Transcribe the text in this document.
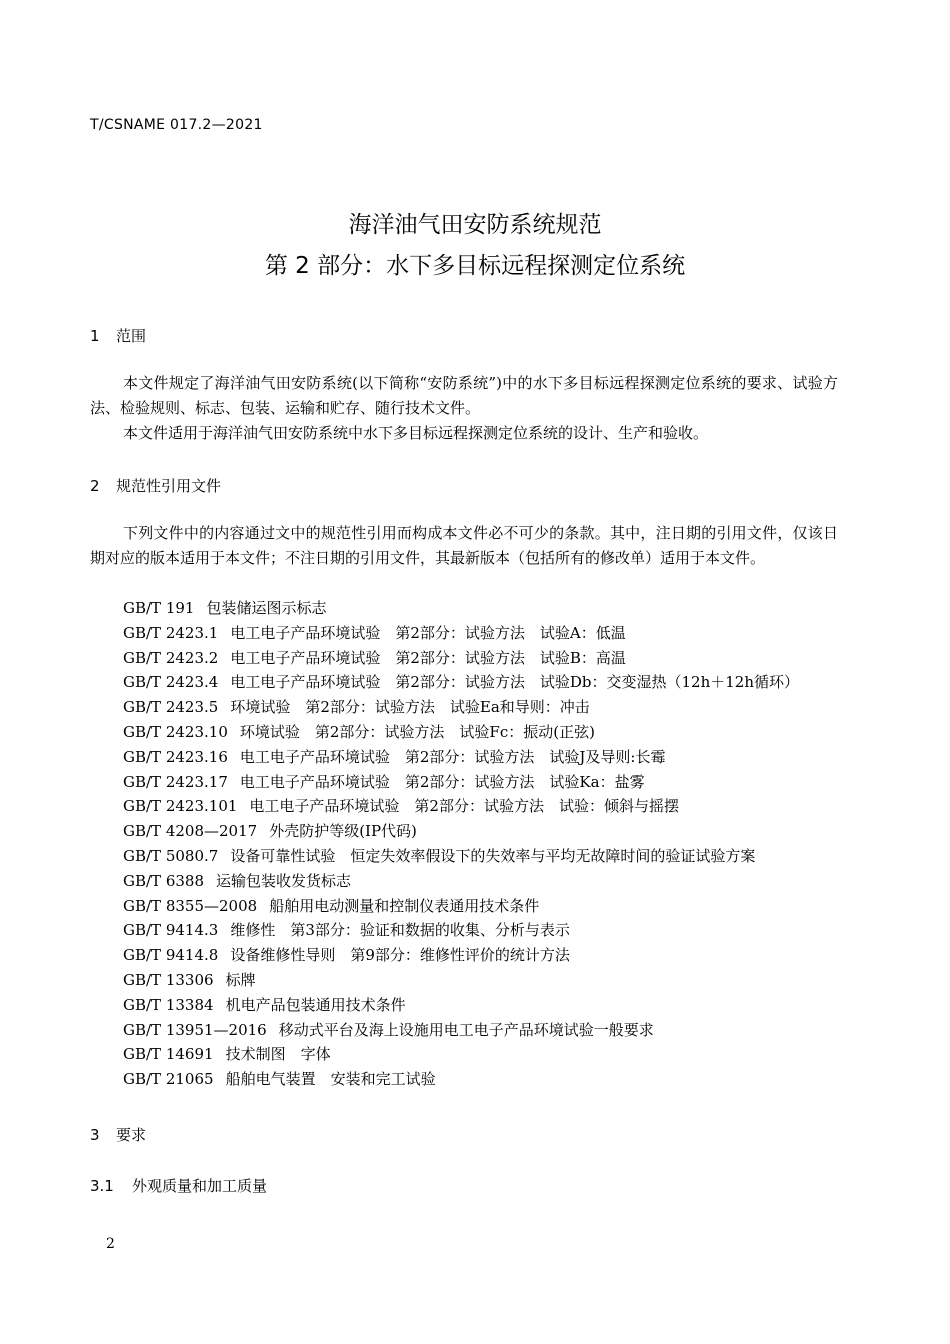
T/CSNAME 017.2—2021
海洋油气田安防系统规范
第 2 部分：水下多目标远程探测定位系统
1 范围

本文件规定了海洋油气田安防系统(以下简称“安防系统”)中的水下多目标远程探测定位系统的要求、试验方法、检验规则、标志、包装、运输和贮存、随行技术文件。

本文件适用于海洋油气田安防系统中水下多目标远程探测定位系统的设计、生产和验收。

2 规范性引用文件

下列文件中的内容通过文中的规范性引用而构成本文件必不可少的条款。其中，注日期的引用文件，仅该日期对应的版本适用于本文件；不注日期的引用文件，其最新版本（包括所有的修改单）适用于本文件。

GB/T 191 包装储运图示标志
GB/T 2423.1 电工电子产品环境试验　第2部分：试验方法　试验A：低温
GB/T 2423.2 电工电子产品环境试验　第2部分：试验方法　试验B：高温
GB/T 2423.4 电工电子产品环境试验　第2部分：试验方法　试验Db：交变湿热（12h＋12h循环）
GB/T 2423.5 环境试验　第2部分：试验方法　试验Ea和导则：冲击
GB/T 2423.10 环境试验　第2部分：试验方法　试验Fc：振动(正弦)
GB/T 2423.16 电工电子产品环境试验　第2部分：试验方法　试验J及导则:长霉
GB/T 2423.17 电工电子产品环境试验　第2部分：试验方法　试验Ka：盐雾
GB/T 2423.101 电工电子产品环境试验　第2部分：试验方法　试验：倾斜与摇摆
GB/T 4208—2017 外壳防护等级(IP代码)
GB/T 5080.7 设备可靠性试验　恒定失效率假设下的失效率与平均无故障时间的验证试验方案
GB/T 6388 运输包装收发货标志
GB/T 8355—2008 船舶用电动测量和控制仪表通用技术条件
GB/T 9414.3 维修性　第3部分：验证和数据的收集、分析与表示
GB/T 9414.8 设备维修性导则　第9部分：维修性评价的统计方法
GB/T 13306 标牌
GB/T 13384 机电产品包装通用技术条件
GB/T 13951—2016 移动式平台及海上设施用电工电子产品环境试验一般要求
GB/T 14691 技术制图　字体
GB/T 21065 船舶电气装置　安装和完工试验
3 要求
3.1 外观质量和加工质量
2
